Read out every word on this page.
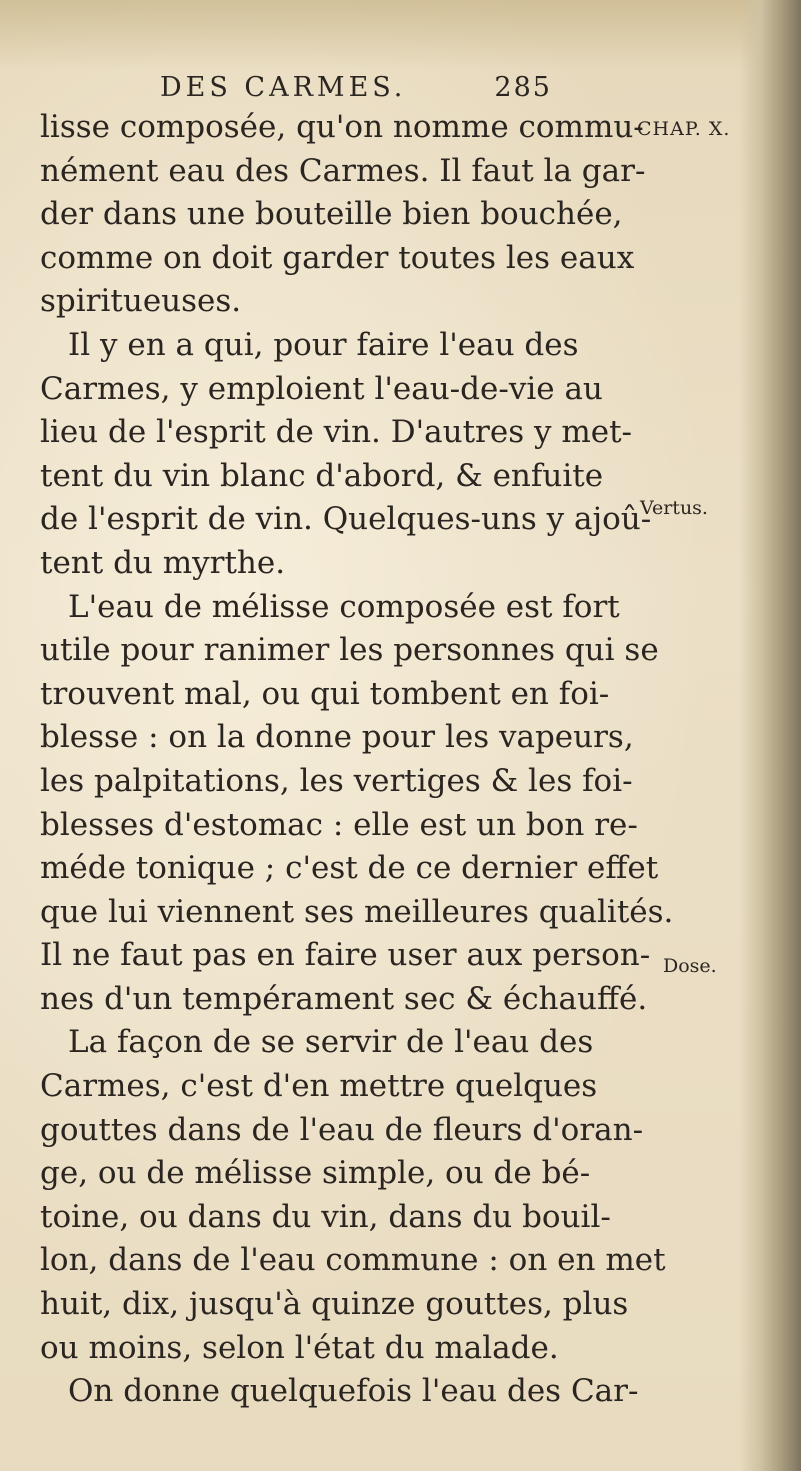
DES CARMES.	285
CHAP. X.
Vertus.
Dose.
lisse composée, qu'on nomme commu-
nément eau des Carmes. Il faut la gar-
der dans une bouteille bien bouchée,
comme on doit garder toutes les eaux
spiritueuses.
Il y en a qui, pour faire l'eau des
Carmes, y emploient l'eau-de-vie au
lieu de l'esprit de vin. D'autres y met-
tent du vin blanc d'abord, & enfuite
de l'esprit de vin. Quelques-uns y ajoû-
tent du myrthe.
L'eau de mélisse composée est fort
utile pour ranimer les personnes qui se
trouvent mal, ou qui tombent en foi-
blesse : on la donne pour les vapeurs,
les palpitations, les vertiges & les foi-
blesses d'estomac : elle est un bon re-
méde tonique ; c'est de ce dernier effet
que lui viennent ses meilleures qualités.
Il ne faut pas en faire user aux person-
nes d'un tempérament sec & échauffé.
La façon de se servir de l'eau des
Carmes, c'est d'en mettre quelques
gouttes dans de l'eau de fleurs d'oran-
ge, ou de mélisse simple, ou de bé-
toine, ou dans du vin, dans du bouil-
lon, dans de l'eau commune : on en met
huit, dix, jusqu'à quinze gouttes, plus
ou moins, selon l'état du malade.
On donne quelquefois l'eau des Car-
